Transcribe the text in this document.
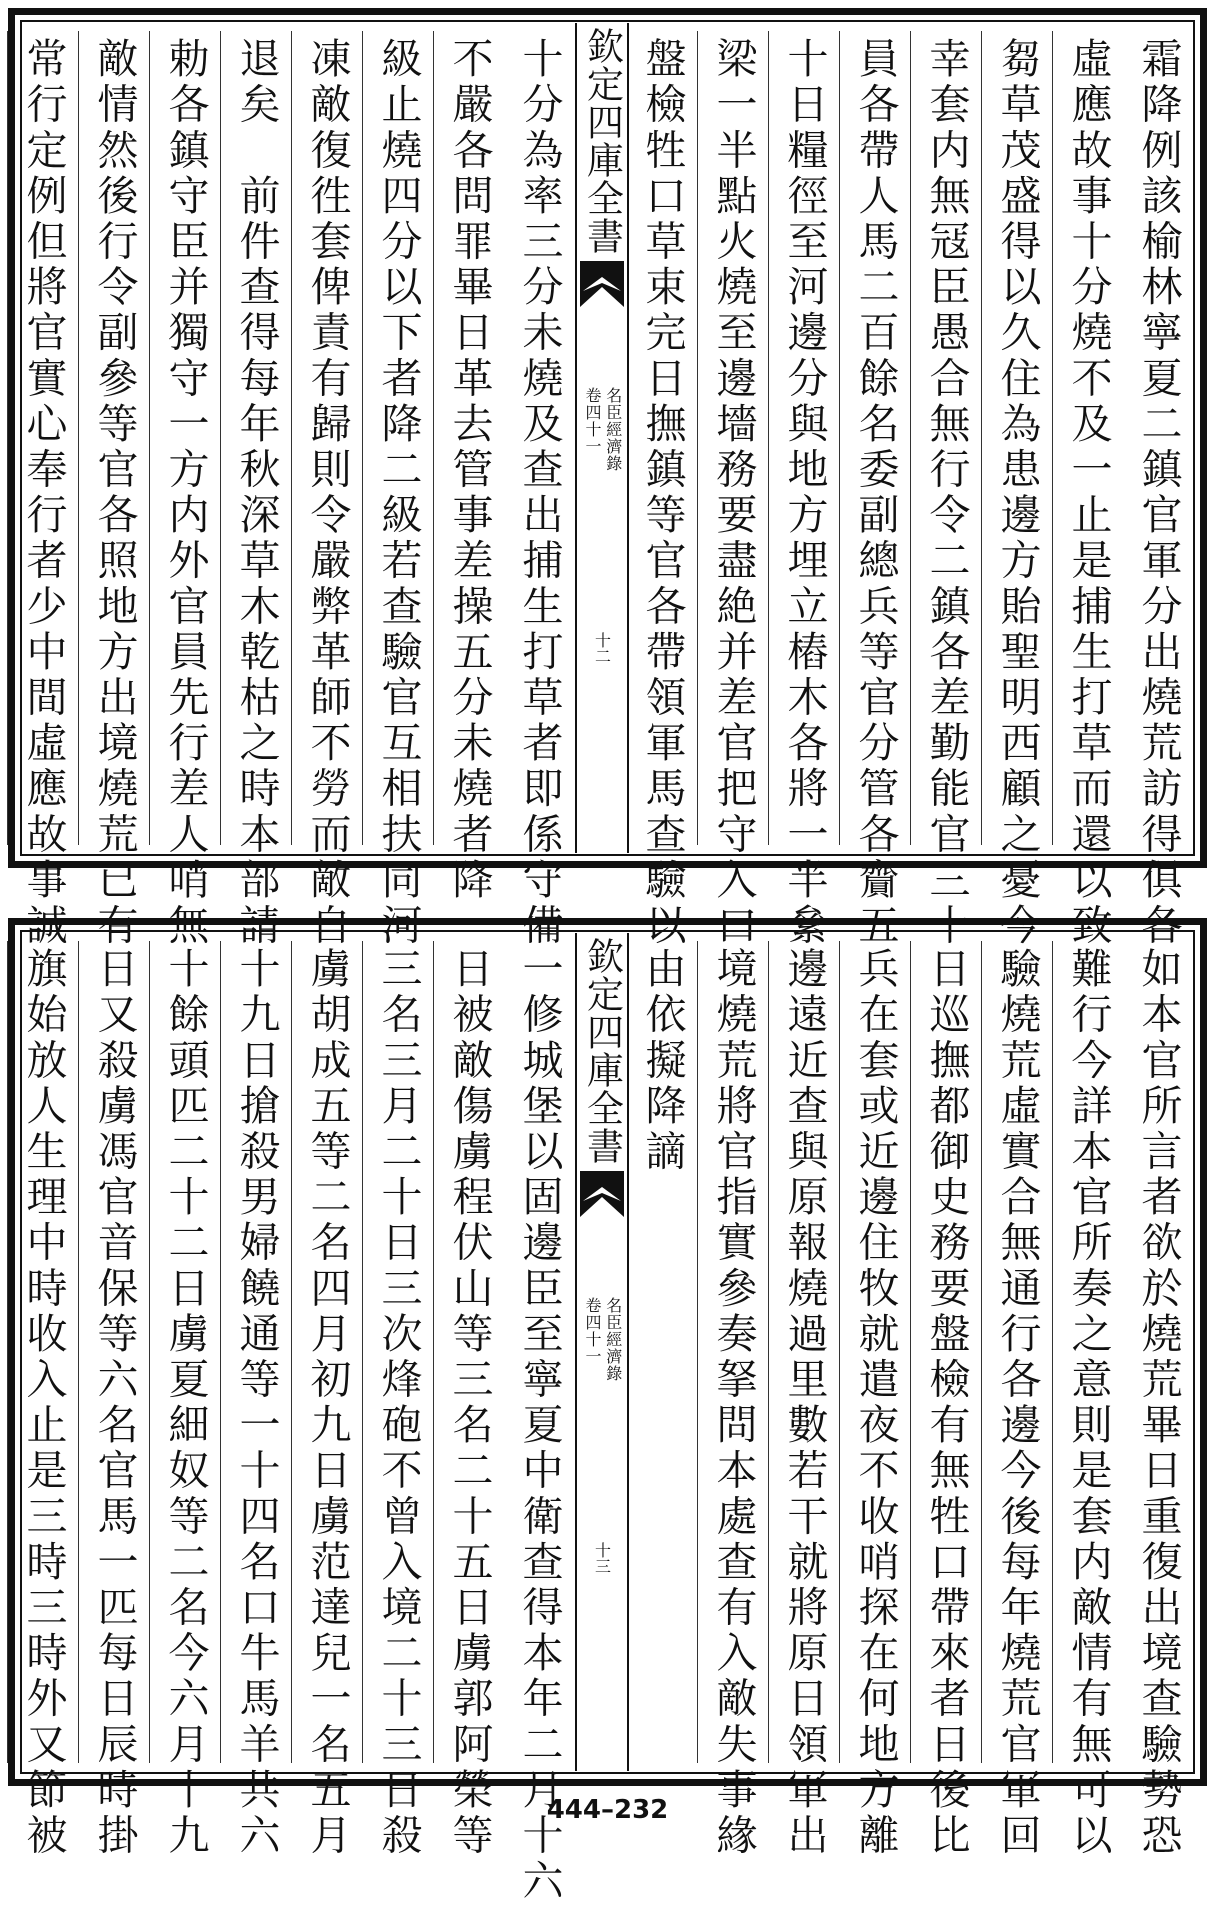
霜降例該榆林寧夏二鎮官軍分出燒荒訪得俱各
虛應故事十分燒不及一止是捕生打草而還以致
芻草茂盛得以久住為患邊方貽聖明西顧之憂今
幸套内無冦臣愚合無行令二鎮各差勤能官三十
員各帶人馬二百餘名委副總兵等官分管各齎五
十日糧徑至河邊分與地方埋立樁木各將一半絫
梁一半點火燒至邊墻務要盡絶并差官把守入口
盤檢牲口草束完日撫鎮等官各帶領軍馬查驗以
欽定四庫全書
名臣經濟錄
卷四十一
十二
十分為率三分未燒及查出捕生打草者即係守備
不嚴各問罪畢日革去管事差操五分未燒者降一
級止燒四分以下者降二級若查驗官互相扶同河
凍敵復徃套俾責有歸則令嚴弊革師不勞而敵自
退矣　前件查得每年秋深草木乾枯之時本部請
勅各鎮守臣并獨守一方内外官員先行差人哨無
敵情然後行令副參等官各照地方出境燒荒已有
常行定例但將官實心奉行者少中間虛應故事誠
如本官所言者欲於燒荒畢日重復出境查驗勢恐
難行今詳本官所奏之意則是套内敵情有無可以
驗燒荒虛實合無通行各邊今後每年燒荒官軍回
日巡撫都御史務要盤檢有無牲口帶來者日後比
兵在套或近邊住牧就遣夜不收哨探在何地方離
邊遠近查與原報燒過里數若干就將原日領軍出
境燒荒將官指實參奏拏問本處查有入敵失事緣
由依擬降謫
欽定四庫全書
名臣經濟錄
卷四十一
十三
一修城堡以固邊臣至寧夏中衛查得本年二月十六
日被敵傷虜程伏山等三名二十五日虜郭阿榮等
三名三月二十日三次烽砲不曾入境二十三日殺
虜胡成五等二名四月初九日虜范達兒一名五月
十九日搶殺男婦饒通等一十四名口牛馬羊共六
十餘頭匹二十二日虜夏細奴等二名今六月十九
日又殺虜馮官音保等六名官馬一匹每日辰時掛
旗始放人生理中時收入止是三時三時外又節被	444–232
